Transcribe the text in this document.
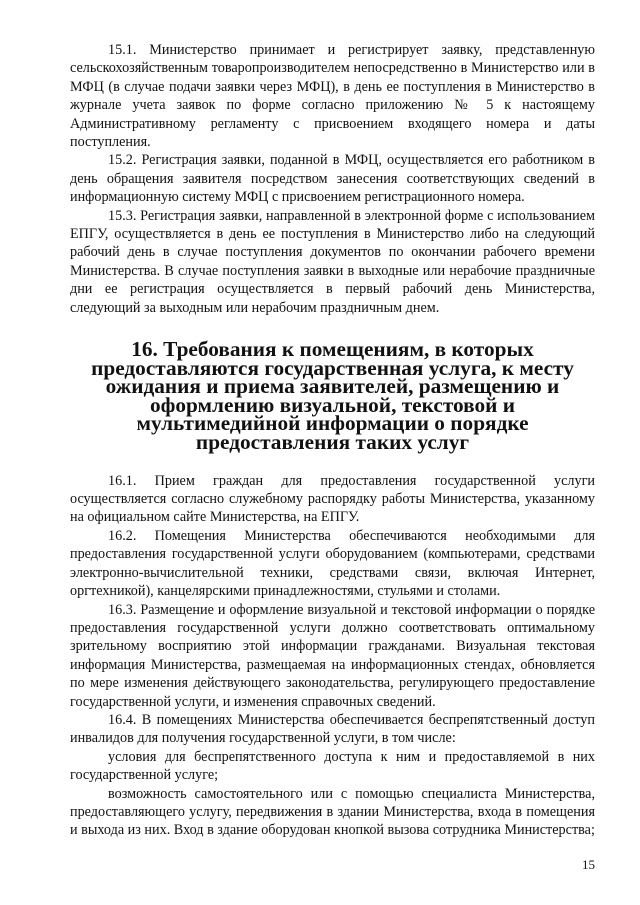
15.1. Министерство принимает и регистрирует заявку, представленную сельскохозяйственным товаропроизводителем непосредственно в Министерство или в МФЦ (в случае подачи заявки через МФЦ), в день ее поступления в Министерство в журнале учета заявок по форме согласно приложению № 5 к настоящему Административному регламенту с присвоением входящего номера и даты поступления.

15.2. Регистрация заявки, поданной в МФЦ, осуществляется его работником в день обращения заявителя посредством занесения соответствующих сведений в информационную систему МФЦ с присвоением регистрационного номера.

15.3. Регистрация заявки, направленной в электронной форме с использованием ЕПГУ, осуществляется в день ее поступления в Министерство либо на следующий рабочий день в случае поступления документов по окончании рабочего времени Министерства. В случае поступления заявки в выходные или нерабочие праздничные дни ее регистрация осуществляется в первый рабочий день Министерства, следующий за выходным или нерабочим праздничным днем.

16. Требования к помещениям, в которых предоставляются государственная услуга, к месту ожидания и приема заявителей, размещению и оформлению визуальной, текстовой и мультимедийной информации о порядке предоставления таких услуг

16.1. Прием граждан для предоставления государственной услуги осуществляется согласно служебному распорядку работы Министерства, указанному на официальном сайте Министерства, на ЕПГУ.

16.2. Помещения Министерства обеспечиваются необходимыми для предоставления государственной услуги оборудованием (компьютерами, средствами электронно-вычислительной техники, средствами связи, включая Интернет, оргтехникой), канцелярскими принадлежностями, стульями и столами.

16.3. Размещение и оформление визуальной и текстовой информации о порядке предоставления государственной услуги должно соответствовать оптимальному зрительному восприятию этой информации гражданами. Визуальная текстовая информация Министерства, размещаемая на информационных стендах, обновляется по мере изменения действующего законодательства, регулирующего предоставление государственной услуги, и изменения справочных сведений.

16.4. В помещениях Министерства обеспечивается беспрепятственный доступ инвалидов для получения государственной услуги, в том числе:

условия для беспрепятственного доступа к ним и предоставляемой в них государственной услуге;

возможность самостоятельного или с помощью специалиста Министерства, предоставляющего услугу, передвижения в здании Министерства, входа в помещения и выхода из них. Вход в здание оборудован кнопкой вызова сотрудника Министерства;

15
